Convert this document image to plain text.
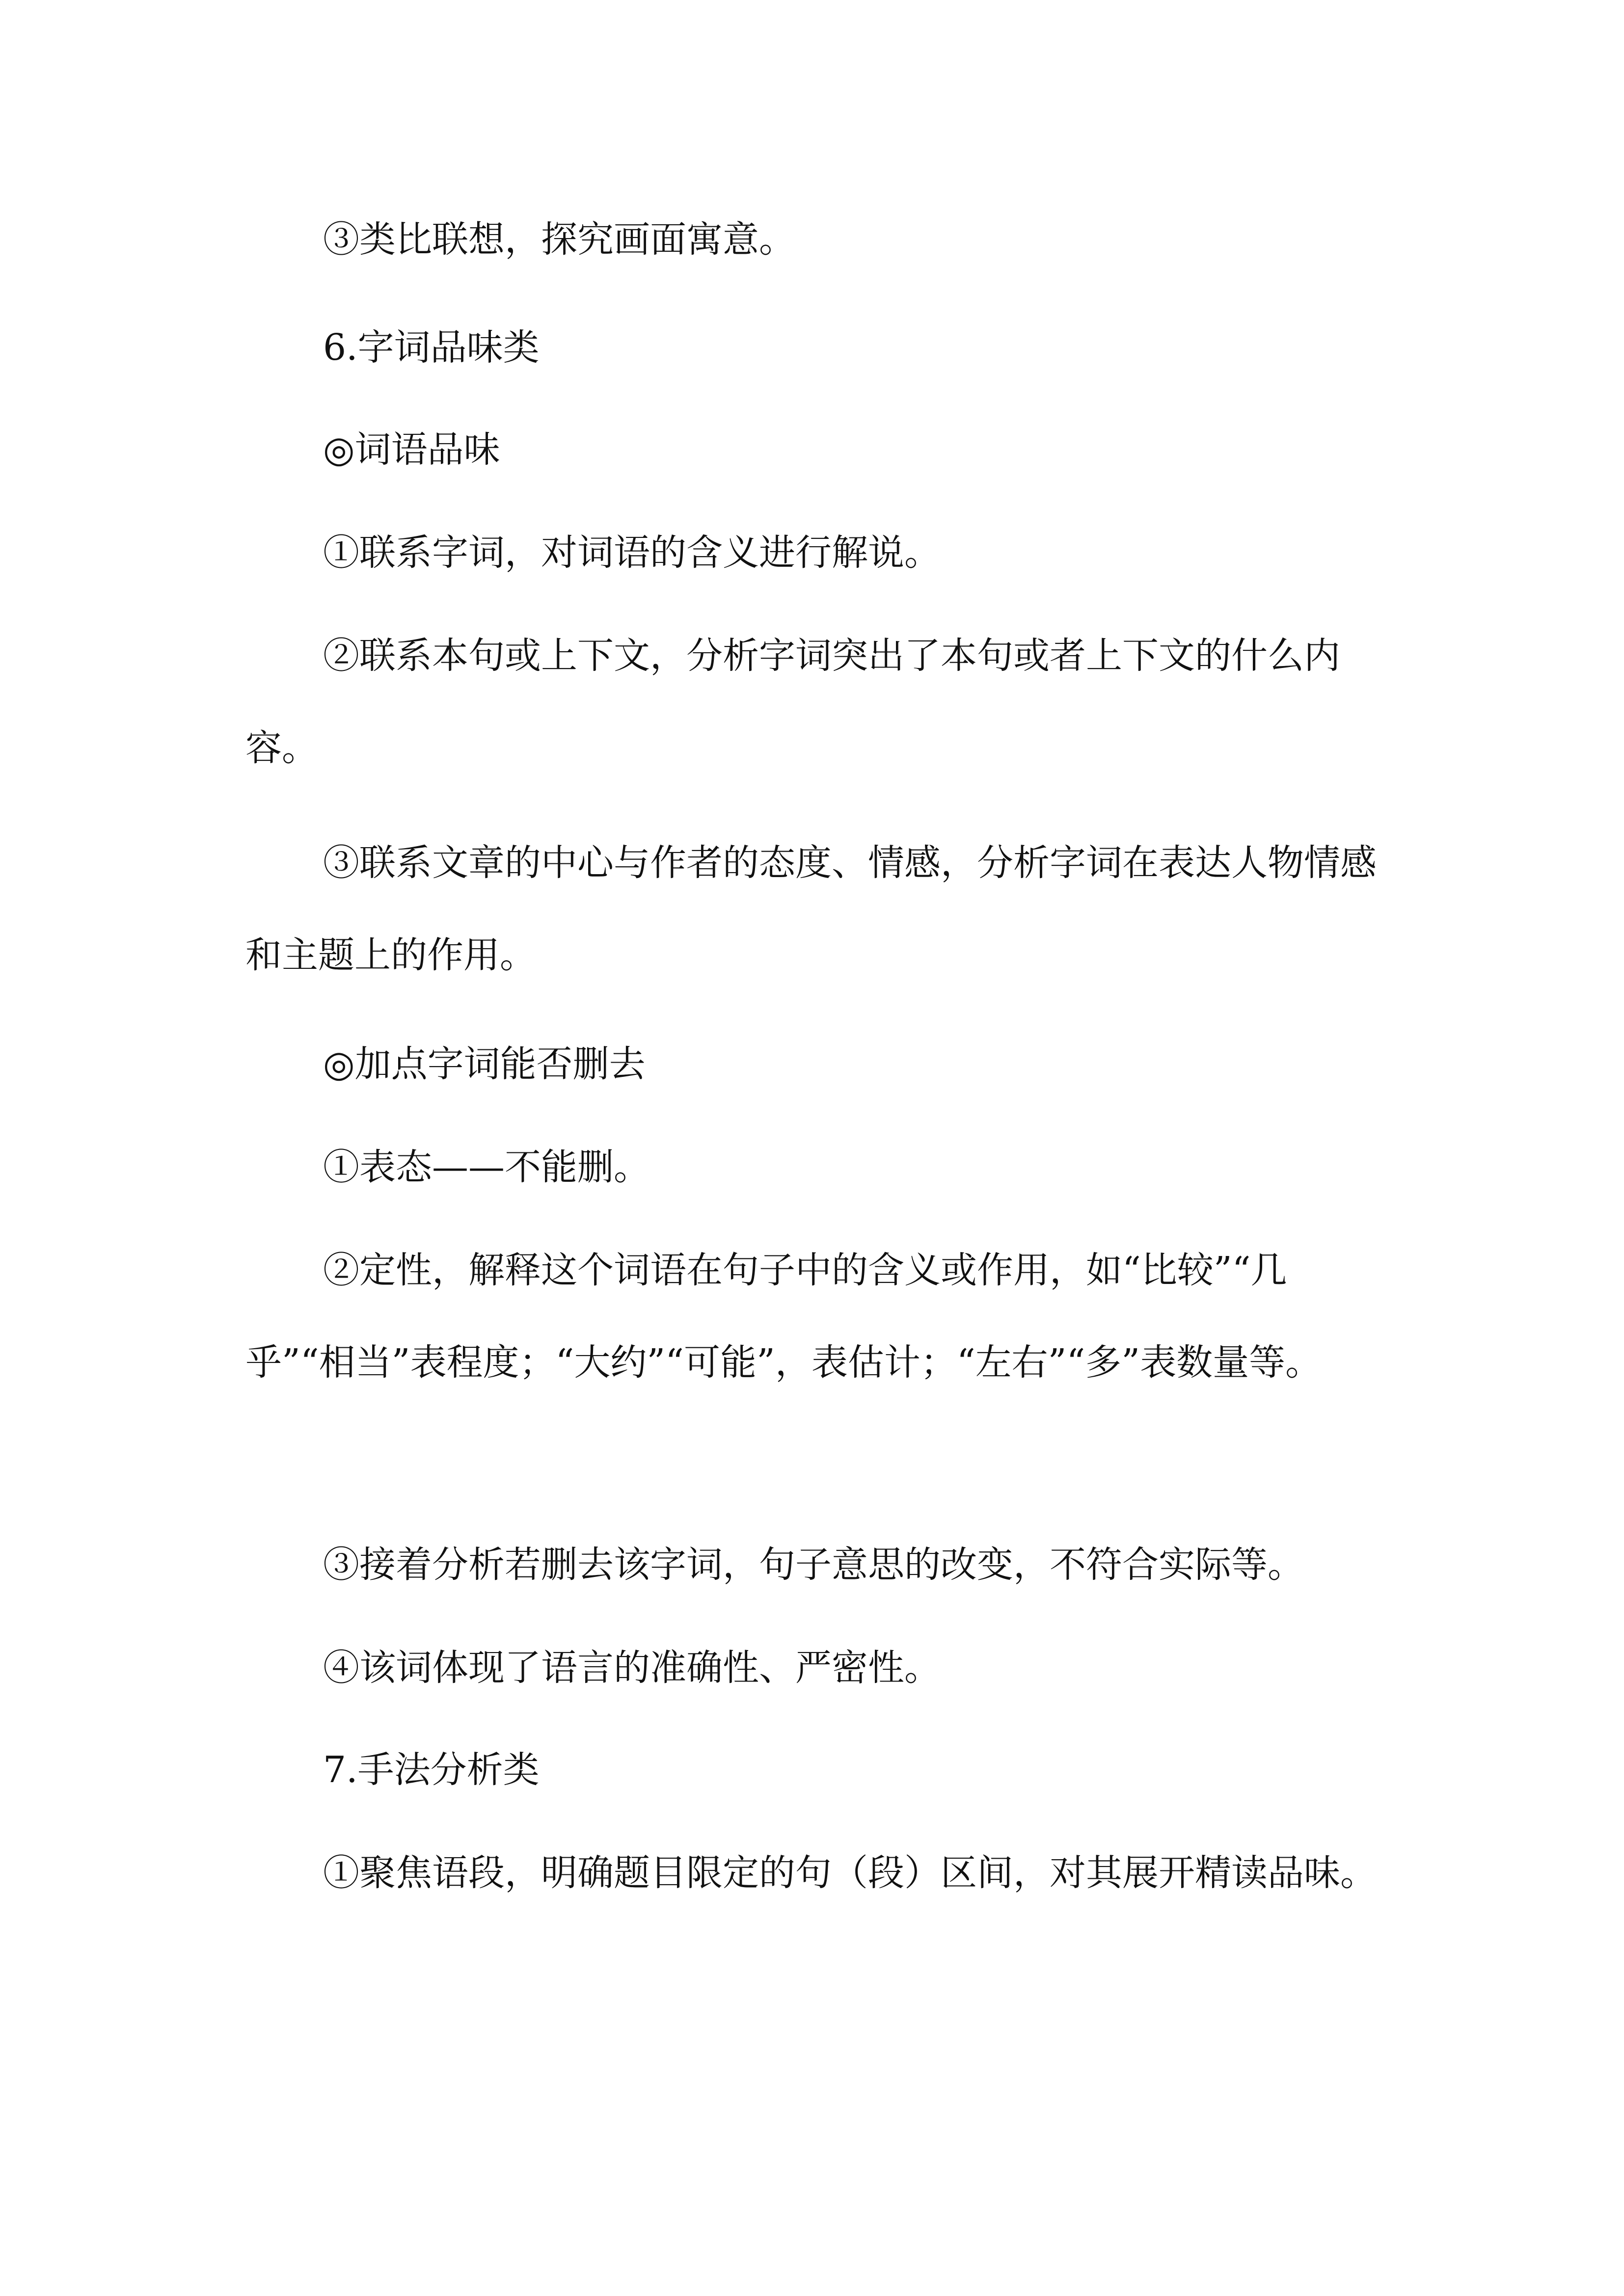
③类比联想，探究画面寓意。

6.字词品味类

◎词语品味

①联系字词，对词语的含义进行解说。

②联系本句或上下文，分析字词突出了本句或者上下文的什么内容。

③联系文章的中心与作者的态度、情感，分析字词在表达人物情感和主题上的作用。

◎加点字词能否删去

①表态——不能删。

②定性，解释这个词语在句子中的含义或作用，如“比较”“几乎”“相当”表程度；“大约”“可能”，表估计；“左右”“多”表数量等。

③接着分析若删去该字词，句子意思的改变，不符合实际等。

④该词体现了语言的准确性、严密性。

7.手法分析类

①聚焦语段，明确题目限定的句（段）区间，对其展开精读品味。
